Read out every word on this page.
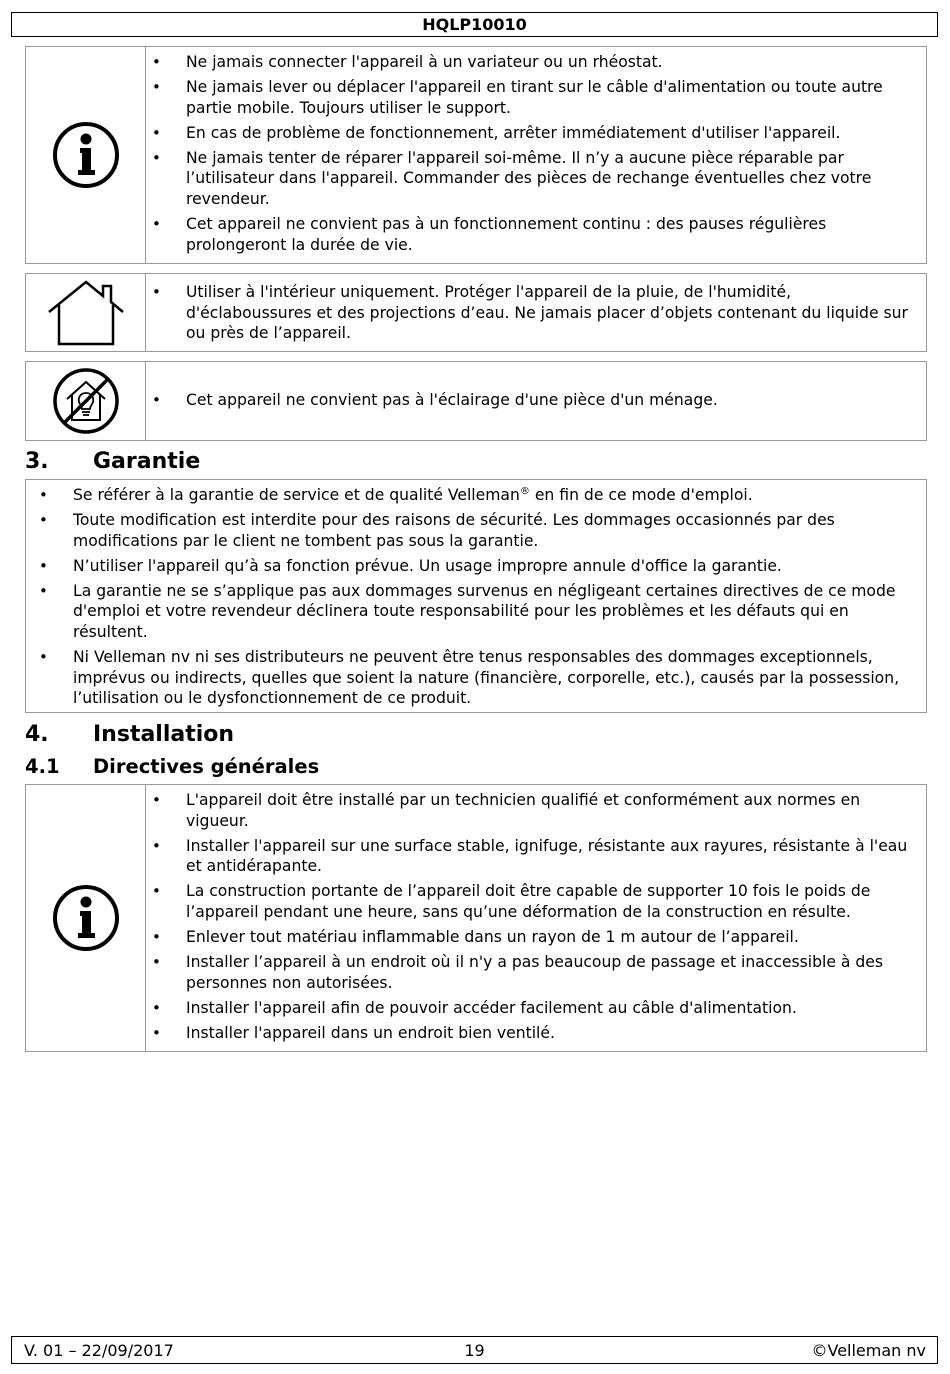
HQLP10010
• Ne jamais connecter l'appareil à un variateur ou un rhéostat.
• Ne jamais lever ou déplacer l'appareil en tirant sur le câble d'alimentation ou toute autre partie mobile. Toujours utiliser le support.
• En cas de problème de fonctionnement, arrêter immédiatement d'utiliser l'appareil.
• Ne jamais tenter de réparer l'appareil soi-même. Il n’y a aucune pièce réparable par l’utilisateur dans l'appareil. Commander des pièces de rechange éventuelles chez votre revendeur.
• Cet appareil ne convient pas à un fonctionnement continu : des pauses régulières prolongeront la durée de vie.
• Utiliser à l'intérieur uniquement. Protéger l'appareil de la pluie, de l'humidité, d'éclaboussures et des projections d’eau. Ne jamais placer d’objets contenant du liquide sur ou près de l’appareil.
• Cet appareil ne convient pas à l'éclairage d'une pièce d'un ménage.
3. Garantie
• Se référer à la garantie de service et de qualité Velleman® en fin de ce mode d'emploi.
• Toute modification est interdite pour des raisons de sécurité. Les dommages occasionnés par des modifications par le client ne tombent pas sous la garantie.
• N’utiliser l'appareil qu’à sa fonction prévue. Un usage impropre annule d'office la garantie.
• La garantie ne se s’applique pas aux dommages survenus en négligeant certaines directives de ce mode d'emploi et votre revendeur déclinera toute responsabilité pour les problèmes et les défauts qui en résultent.
• Ni Velleman nv ni ses distributeurs ne peuvent être tenus responsables des dommages exceptionnels, imprévus ou indirects, quelles que soient la nature (financière, corporelle, etc.), causés par la possession, l’utilisation ou le dysfonctionnement de ce produit.
4. Installation
4.1 Directives générales
• L'appareil doit être installé par un technicien qualifié et conformément aux normes en vigueur.
• Installer l'appareil sur une surface stable, ignifuge, résistante aux rayures, résistante à l'eau et antidérapante.
• La construction portante de l’appareil doit être capable de supporter 10 fois le poids de l’appareil pendant une heure, sans qu’une déformation de la construction en résulte.
• Enlever tout matériau inflammable dans un rayon de 1 m autour de l’appareil.
• Installer l’appareil à un endroit où il n'y a pas beaucoup de passage et inaccessible à des personnes non autorisées.
• Installer l'appareil afin de pouvoir accéder facilement au câble d'alimentation.
• Installer l'appareil dans un endroit bien ventilé.
V. 01 – 22/09/2017	19	©Velleman nv
